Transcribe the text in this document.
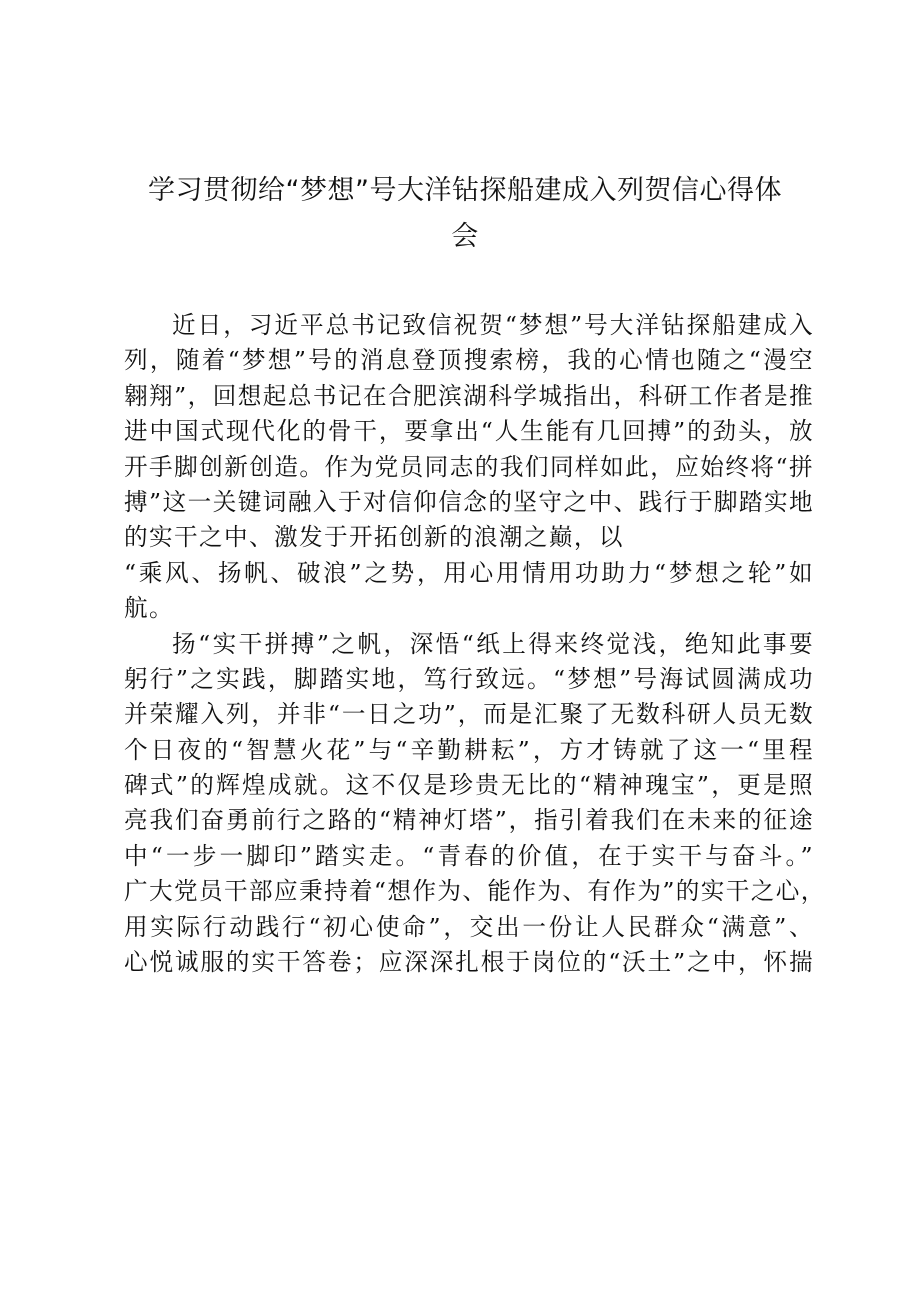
学习贯彻给“梦想”号大洋钻探船建成入列贺信心得体
会
近日，习近平总书记致信祝贺“梦想”号大洋钻探船建成入
列，随着“梦想”号的消息登顶搜索榜，我的心情也随之“漫空
翱翔”，回想起总书记在合肥滨湖科学城指出，科研工作者是推
进中国式现代化的骨干，要拿出“人生能有几回搏”的劲头，放
开手脚创新创造。作为党员同志的我们同样如此，应始终将“拼
搏”这一关键词融入于对信仰信念的坚守之中、践行于脚踏实地
的实干之中、激发于开拓创新的浪潮之巅，以
“乘风、扬帆、破浪”之势，用心用情用功助力“梦想之轮”如
航。
扬“实干拼搏”之帆，深悟“纸上得来终觉浅，绝知此事要
躬行”之实践，脚踏实地，笃行致远。“梦想”号海试圆满成功
并荣耀入列，并非“一日之功”，而是汇聚了无数科研人员无数
个日夜的“智慧火花”与“辛勤耕耘”，方才铸就了这一“里程
碑式”的辉煌成就。这不仅是珍贵无比的“精神瑰宝”，更是照
亮我们奋勇前行之路的“精神灯塔”，指引着我们在未来的征途
中“一步一脚印”踏实走。“青春的价值，在于实干与奋斗。”
广大党员干部应秉持着“想作为、能作为、有作为”的实干之心，
用实际行动践行“初心使命”，交出一份让人民群众“满意”、
心悦诚服的实干答卷；应深深扎根于岗位的“沃土”之中，怀揣
